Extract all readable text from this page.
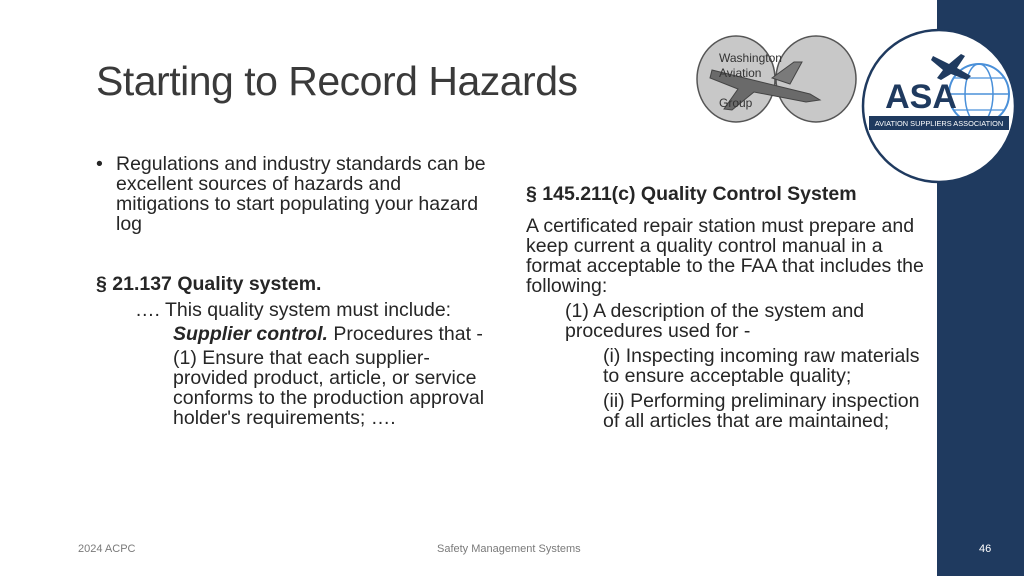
Starting to Record Hazards	Washington
Aviation
Group	ASA
AVIATION SUPPLIERS ASSOCIATION
• Regulations and industry standards can be excellent sources of hazards and mitigations to start populating your hazard log
§ 21.137 Quality system.
…. This quality system must include:
Supplier control. Procedures that -
(1) Ensure that each supplier-provided product, article, or service conforms to the production approval holder's requirements; ….
§ 145.211(c) Quality Control System
A certificated repair station must prepare and keep current a quality control manual in a format acceptable to the FAA that includes the following:
(1) A description of the system and procedures used for -
(i) Inspecting incoming raw materials to ensure acceptable quality;
(ii) Performing preliminary inspection of all articles that are maintained;
2024 ACPC	Safety Management Systems	46
